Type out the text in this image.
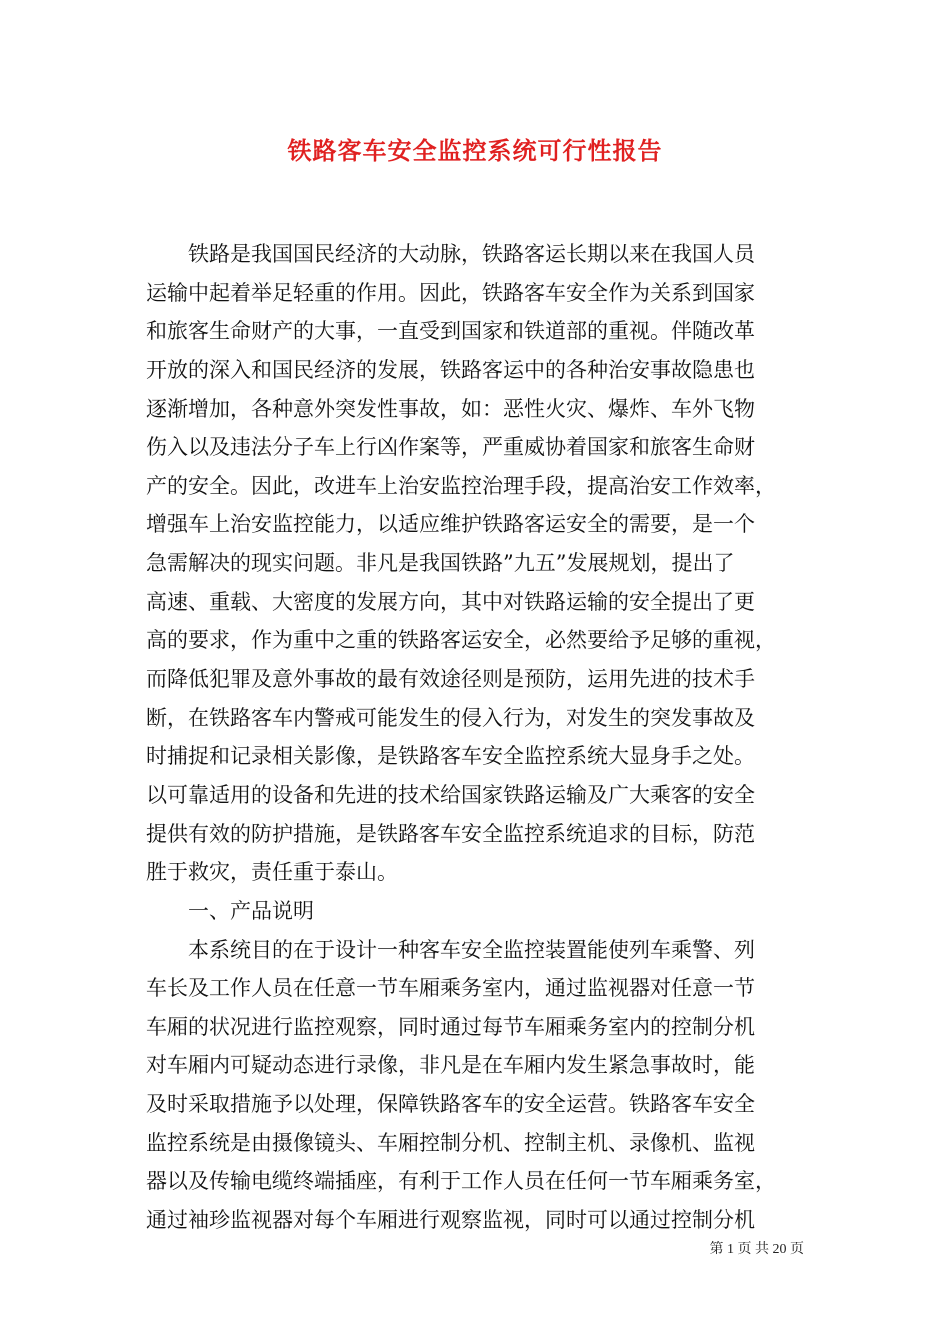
铁路客车安全监控系统可行性报告
铁路是我国国民经济的大动脉，铁路客运长期以来在我国人员
运输中起着举足轻重的作用。因此，铁路客车安全作为关系到国家
和旅客生命财产的大事，一直受到国家和铁道部的重视。伴随改革
开放的深入和国民经济的发展，铁路客运中的各种治安事故隐患也
逐渐增加，各种意外突发性事故，如：恶性火灾、爆炸、车外飞物
伤入以及违法分子车上行凶作案等，严重威协着国家和旅客生命财
产的安全。因此，改进车上治安监控治理手段，提高治安工作效率，
增强车上治安监控能力，以适应维护铁路客运安全的需要，是一个
急需解决的现实问题。非凡是我国铁路”九五”发展规划，提出了
高速、重载、大密度的发展方向，其中对铁路运输的安全提出了更
高的要求，作为重中之重的铁路客运安全，必然要给予足够的重视，
而降低犯罪及意外事故的最有效途径则是预防，运用先进的技术手
断，在铁路客车内警戒可能发生的侵入行为，对发生的突发事故及
时捕捉和记录相关影像，是铁路客车安全监控系统大显身手之处。
以可靠适用的设备和先进的技术给国家铁路运输及广大乘客的安全
提供有效的防护措施，是铁路客车安全监控系统追求的目标，防范
胜于救灾，责任重于泰山。
一、产品说明
本系统目的在于设计一种客车安全监控装置能使列车乘警、列
车长及工作人员在任意一节车厢乘务室内，通过监视器对任意一节
车厢的状况进行监控观察，同时通过每节车厢乘务室内的控制分机
对车厢内可疑动态进行录像，非凡是在车厢内发生紧急事故时，能
及时采取措施予以处理，保障铁路客车的安全运营。铁路客车安全
监控系统是由摄像镜头、车厢控制分机、控制主机、录像机、监视
器以及传输电缆终端插座，有利于工作人员在任何一节车厢乘务室，
通过袖珍监视器对每个车厢进行观察监视，同时可以通过控制分机
第 1 页 共 20 页
